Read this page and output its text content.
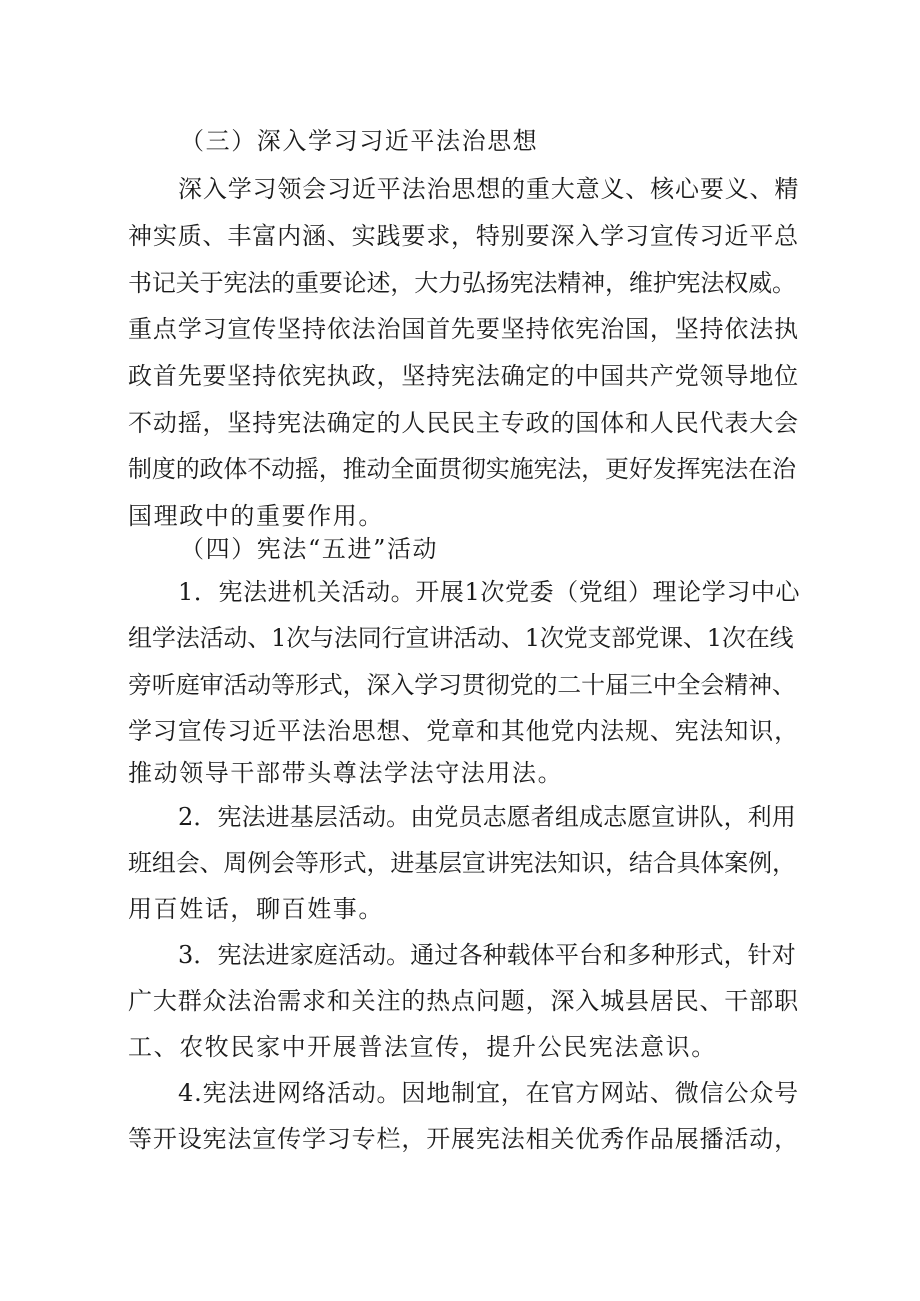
（三）深入学习习近平法治思想

深入学习领会习近平法治思想的重大意义、核心要义、精

神实质、丰富内涵、实践要求，特别要深入学习宣传习近平总

书记关于宪法的重要论述，大力弘扬宪法精神，维护宪法权威。

重点学习宣传坚持依法治国首先要坚持依宪治国，坚持依法执

政首先要坚持依宪执政，坚持宪法确定的中国共产党领导地位

不动摇，坚持宪法确定的人民民主专政的国体和人民代表大会

制度的政体不动摇，推动全面贯彻实施宪法，更好发挥宪法在治

国理政中的重要作用。

（四）宪法“五进”活动

1．宪法进机关活动。开展1次党委（党组）理论学习中心

组学法活动、1次与法同行宣讲活动、1次党支部党课、1次在线

旁听庭审活动等形式，深入学习贯彻党的二十届三中全会精神、

学习宣传习近平法治思想、党章和其他党内法规、宪法知识，

推动领导干部带头尊法学法守法用法。

2．宪法进基层活动。由党员志愿者组成志愿宣讲队，利用

班组会、周例会等形式，进基层宣讲宪法知识，结合具体案例，

用百姓话，聊百姓事。

3．宪法进家庭活动。通过各种载体平台和多种形式，针对

广大群众法治需求和关注的热点问题，深入城县居民、干部职

工、农牧民家中开展普法宣传，提升公民宪法意识。

4.宪法进网络活动。因地制宜，在官方网站、微信公众号

等开设宪法宣传学习专栏，开展宪法相关优秀作品展播活动，
